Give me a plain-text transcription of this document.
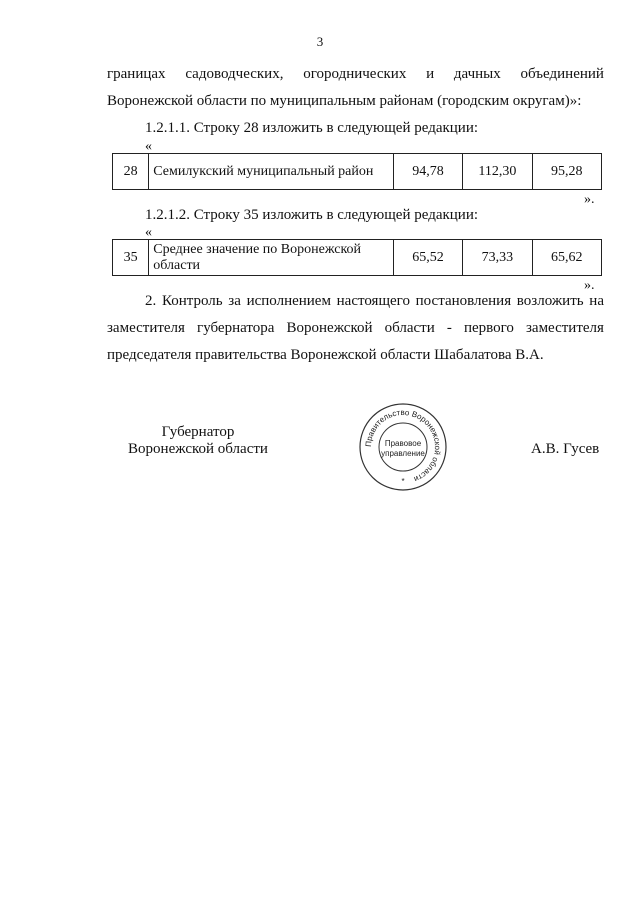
3
границах садоводческих, огороднических и дачных объединений
Воронежской области по муниципальным районам (городским округам)»:
1.2.1.1. Строку 28 изложить в следующей редакции:
«
28	Семилукский муниципальный район	94,78	112,30	95,28
».
1.2.1.2. Строку 35 изложить в следующей редакции:
«
35	Среднее значение по Воронежской области	65,52	73,33	65,62
».
2. Контроль за исполнением настоящего постановления возложить на
заместителя губернатора Воронежской области - первого заместителя
председателя правительства Воронежской области Шабалатова В.А.
Губернатор
Воронежской области	Правительство Воронежской области
Правовое
управление
*
А.В. Гусев
